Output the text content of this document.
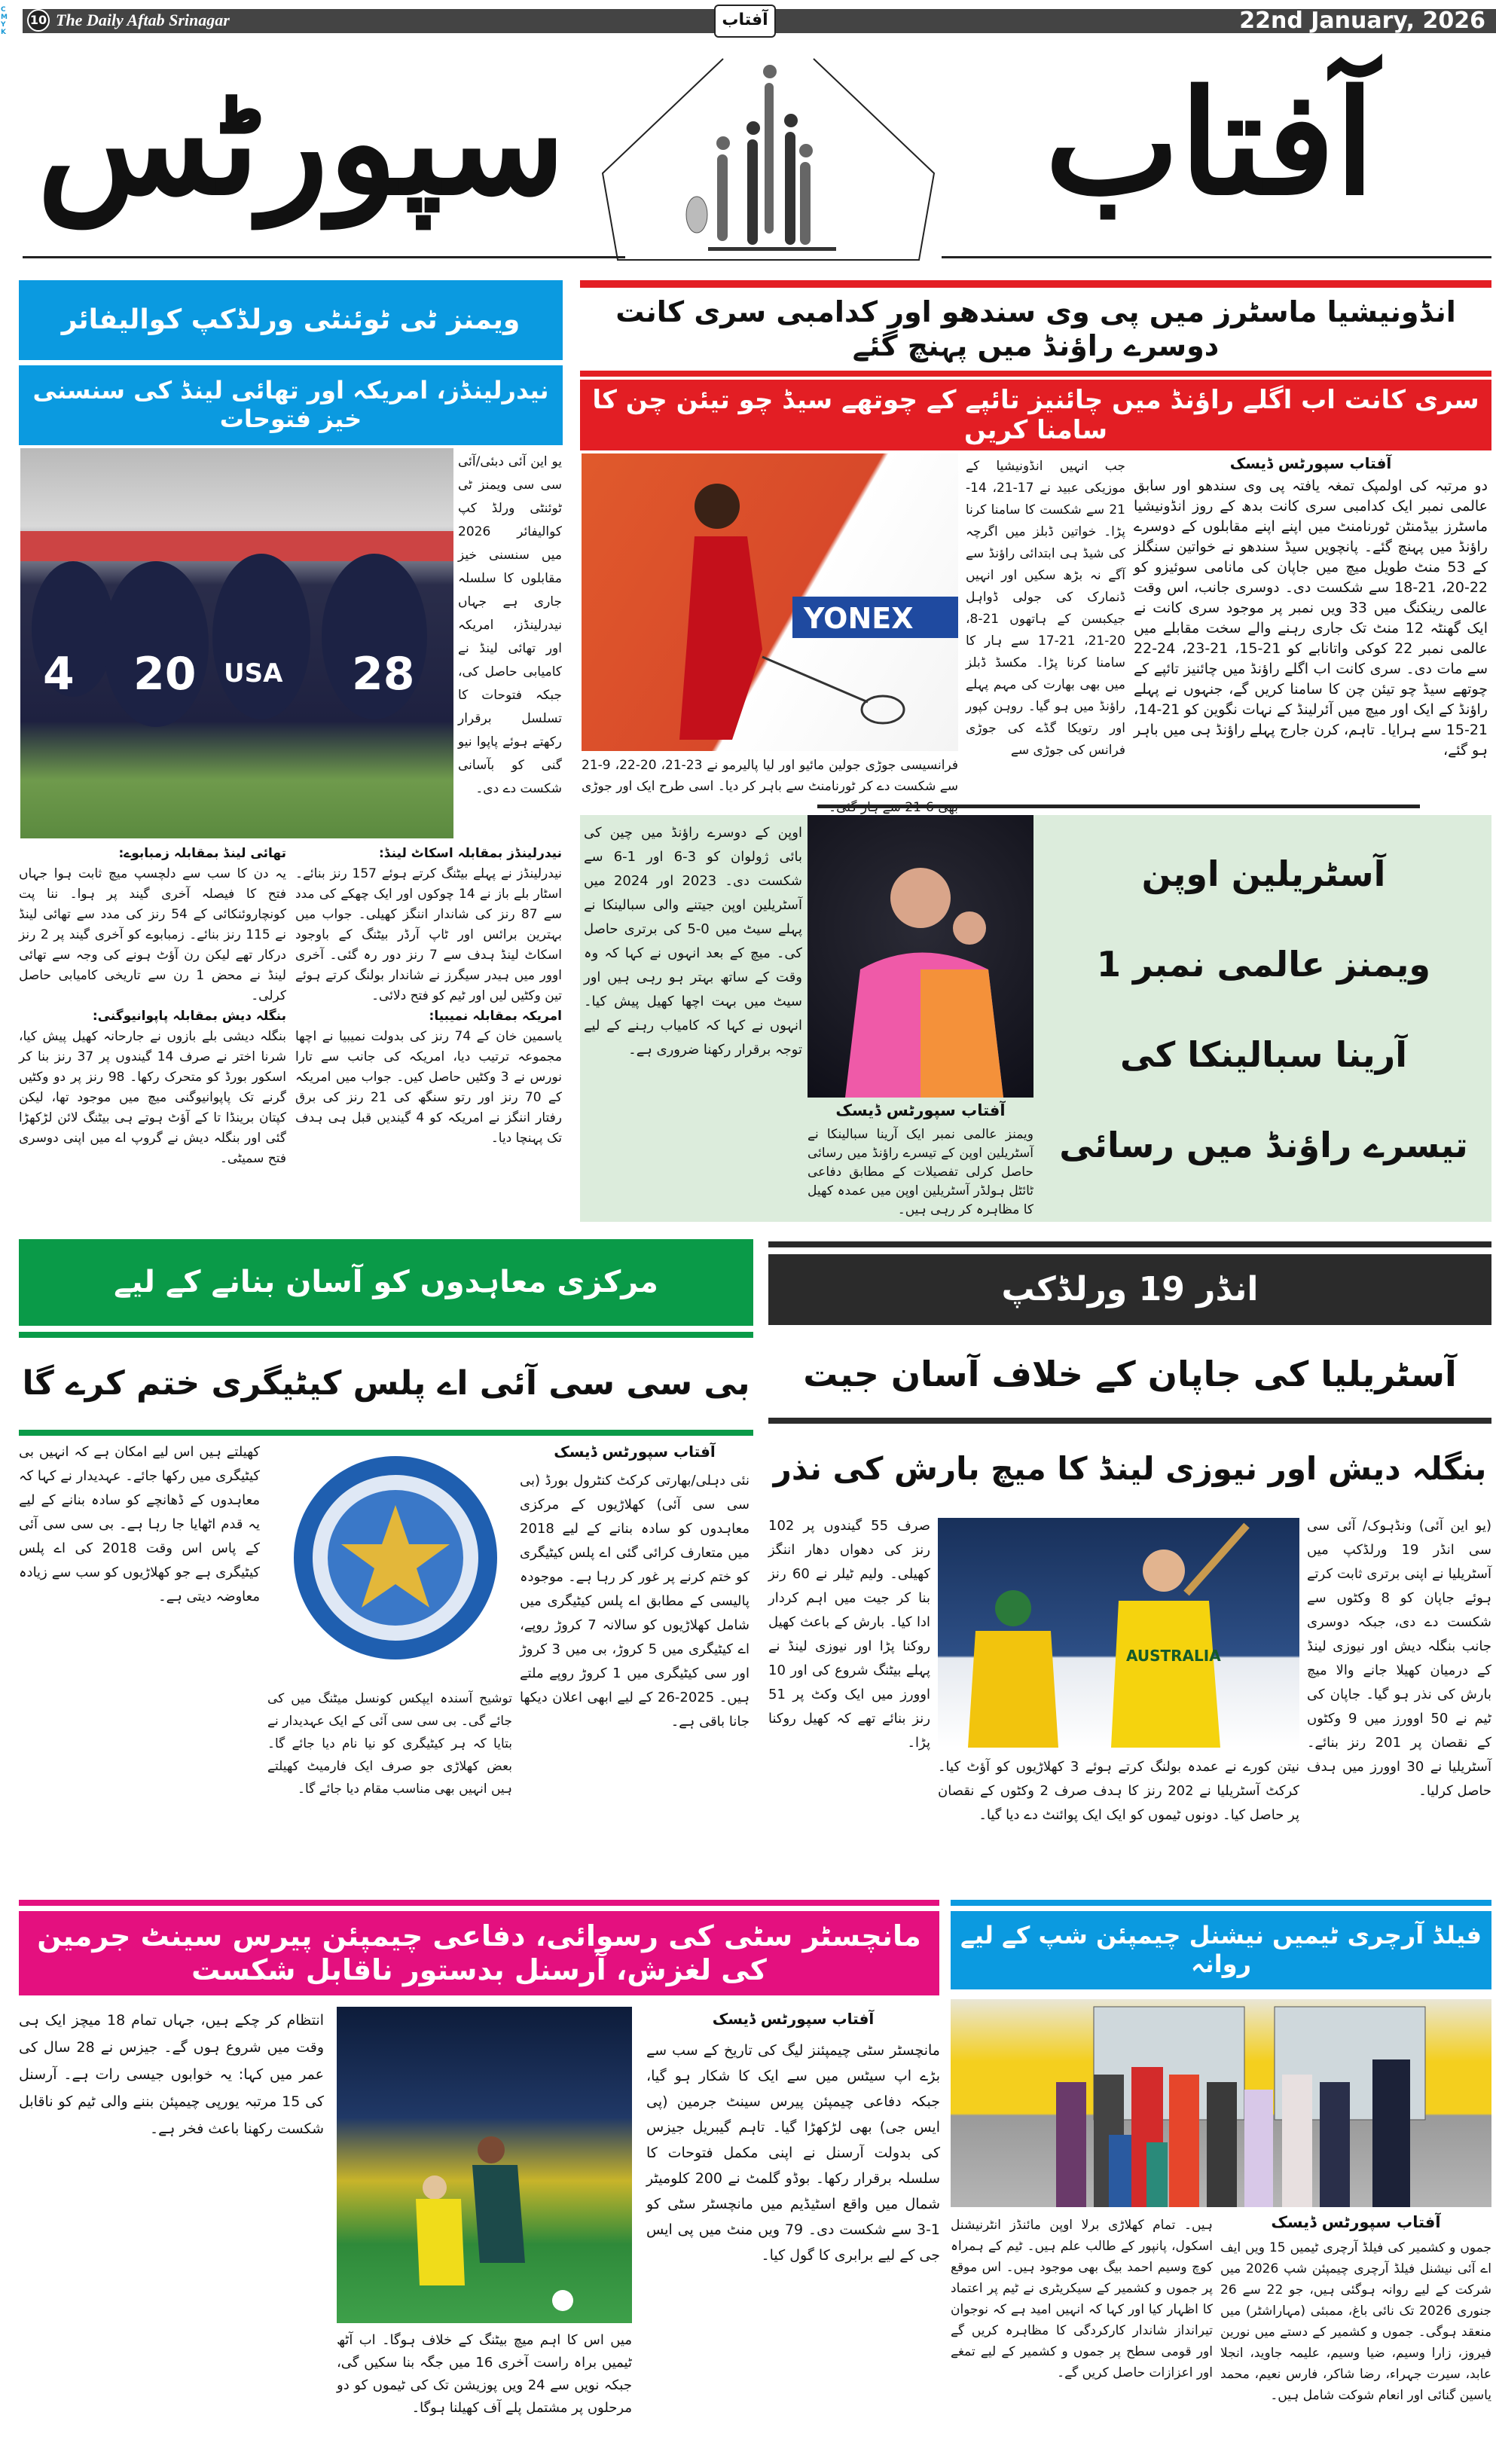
CMYK
10 The Daily Aftab Srinagar	آفتاب	22nd January, 2026
آفتاب
سپورٹس
ویمنز ٹی ٹوئنٹی ورلڈکپ کوالیفائر
نیدرلینڈز، امریکہ اور تھائی لینڈ کی سنسنی خیز فتوحات
4 20 USA 28
یو این آئی دبئی/آئی سی سی ویمنز ٹی ٹوئنٹی ورلڈ کپ کوالیفائر 2026 میں سنسنی خیز مقابلوں کا سلسلہ جاری ہے جہاں نیدرلینڈز، امریکہ اور تھائی لینڈ نے کامیابی حاصل کی، جبکہ فتوحات کا تسلسل برقرار رکھتے ہوئے پاپوا نیو گنی کو بآسانی شکست دے دی۔
نیدرلینڈز بمقابلہ اسکاٹ لینڈ:

نیدرلینڈز نے پہلے بیٹنگ کرتے ہوئے 157 رنز بنائے۔ اسٹار بلے باز نے 14 چوکوں اور ایک چھکے کی مدد سے 87 رنز کی شاندار اننگز کھیلی۔ جواب میں بہترین برائس اور ٹاپ آرڈر بیٹنگ کے باوجود اسکاٹ لینڈ ہدف سے 7 رنز دور رہ گئی۔ آخری اوور میں ہیدر سیگرز نے شاندار بولنگ کرتے ہوئے تین وکٹیں لیں اور ٹیم کو فتح دلائی۔

امریکہ بمقابلہ نمیبیا:

یاسمین خان کے 74 رنز کی بدولت نمیبیا نے اچھا مجموعہ ترتیب دیا، امریکہ کی جانب سے تارا نورس نے 3 وکٹیں حاصل کیں۔ جواب میں امریکہ کے 70 رنز اور رتو سنگھ کی 21 رنز کی برق رفتار اننگز نے امریکہ کو 4 گیندیں قبل ہی ہدف تک پہنچا دیا۔

تھائی لینڈ بمقابلہ زمبابوے:

یہ دن کا سب سے دلچسپ میچ ثابت ہوا جہاں فتح کا فیصلہ آخری گیند پر ہوا۔ ننا پت کونچاروئنکائی کے 54 رنز کی مدد سے تھائی لینڈ نے 115 رنز بنائے۔ زمبابوے کو آخری گیند پر 2 رنز درکار تھے لیکن رن آؤٹ ہونے کی وجہ سے تھائی لینڈ نے محض 1 رن سے تاریخی کامیابی حاصل کرلی۔

بنگلہ دیش بمقابلہ پاپوانیوگنی:

بنگلہ دیشی بلے بازوں نے جارحانہ کھیل پیش کیا، شرنا اختر نے صرف 14 گیندوں پر 37 رنز بنا کر اسکور بورڈ کو متحرک رکھا۔ 98 رنز پر دو وکٹیں گرنے تک پاپوانیوگنی میچ میں موجود تھا، لیکن کپتان برینڈا تا کے آؤٹ ہوتے ہی بیٹنگ لائن لڑکھڑا گئی اور بنگلہ دیش نے گروپ اے میں اپنی دوسری فتح سمیٹی۔

انڈونیشیا ماسٹرز میں پی وی سندھو اور کدامبی سری کانت دوسرے راؤنڈ میں پہنچ گئے
سری کانت اب اگلے راؤنڈ میں چائنیز تائپے کے چوتھے سیڈ چو تیئن چن کا سامنا کریں
YONEX
آفتاب سپورٹس ڈیسک
دو مرتبہ کی اولمپک تمغہ یافتہ پی وی سندھو اور سابق عالمی نمبر ایک کدامبی سری کانت بدھ کے روز انڈونیشیا ماسٹرز بیڈمنٹن ٹورنامنٹ میں اپنے اپنے مقابلوں کے دوسرے راؤنڈ میں پہنچ گئے۔ پانچویں سیڈ سندھو نے خواتین سنگلز کے 53 منٹ طویل میچ میں جاپان کی مانامی سوئیزو کو 22-20، 21-18 سے شکست دی۔ دوسری جانب، اس وقت عالمی رینکنگ میں 33 ویں نمبر پر موجود سری کانت نے ایک گھنٹہ 12 منٹ تک جاری رہنے والے سخت مقابلے میں عالمی نمبر 22 کوکی واتانابے کو 21-15، 21-23، 24-22 سے مات دی۔ سری کانت اب اگلے راؤنڈ میں چائنیز تائپے کے چوتھے سیڈ چو تیئن چن کا سامنا کریں گے، جنہوں نے پہلے راؤنڈ کے ایک اور میچ میں آئرلینڈ کے نہات نگوین کو 21-14، 21-15 سے ہرایا۔ تاہم، کرن جارج پہلے راؤنڈ ہی میں باہر ہو گئے،
جب انہیں انڈونیشیا کے موزیکی عبید نے 17-21، 14-21 سے شکست کا سامنا کرنا پڑا۔ خواتین ڈبلز میں اگرچہ کی شیڈ ہی ابتدائی راؤنڈ سے آگے نہ بڑھ سکیں اور انہیں ڈنمارک کی جولی ڈواہل جیکبسن کے ہاتھوں 21-8، 20-21، 21-17 سے ہار کا سامنا کرنا پڑا۔ مکسڈ ڈبلز میں بھی بھارت کی مہم پہلے راؤنڈ میں ہو گیا۔ روہن کپور اور رتویکا گڈے کی جوڑی فرانس کی جوڑی سے
فرانسیسی جوڑی جولین مائیو اور لیا پالیرمو نے 23-21، 20-22، 9-21 سے شکست دے کر ٹورنامنٹ سے باہر کر دیا۔ اسی طرح ایک اور جوڑی
آفتاب سپورٹس ڈیسک
ویمنز عالمی نمبر ایک آرینا سبالینکا نے آسٹریلین اوپن کے تیسرے راؤنڈ میں رسائی حاصل کرلی تفصیلات کے مطابق دفاعی ٹائٹل ہولڈر آسٹریلین اوپن میں عمدہ کھیل کا مظاہرہ کر رہی ہیں۔
اوپن کے دوسرے راؤنڈ میں چین کی بائی ژولوان کو 3-6 اور 1-6 سے شکست دی۔ 2023 اور 2024 میں آسٹریلین اوپن جیتنے والی سبالینکا نے پہلے سیٹ میں 0-5 کی برتری حاصل کی۔ میچ کے بعد انہوں نے کہا کہ وہ وقت کے ساتھ بہتر ہو رہی ہیں اور سیٹ میں بہت اچھا کھیل پیش کیا۔ انہوں نے کہا کہ کامیاب رہنے کے لیے توجہ برقرار رکھنا ضروری ہے۔
آسٹریلین اوپن
ویمنز عالمی نمبر 1
آرینا سبالینکا کی
تیسرے راؤنڈ میں رسائی
مرکزی معاہدوں کو آسان بنانے کے لیے
بی سی سی آئی اے پلس کیٹیگری ختم کرے گا
آفتاب سپورٹس ڈیسک
نئی دہلی/بھارتی کرکٹ کنٹرول بورڈ (بی سی سی آئی) کھلاڑیوں کے مرکزی معاہدوں کو سادہ بنانے کے لیے 2018 میں متعارف کرائی گئی اے پلس کیٹیگری کو ختم کرنے پر غور کر رہا ہے۔ موجودہ پالیسی کے مطابق اے پلس کیٹیگری میں شامل کھلاڑیوں کو سالانہ 7 کروڑ روپے، اے کیٹیگری میں 5 کروڑ، بی میں 3 کروڑ اور سی کیٹیگری میں 1 کروڑ روپے ملتے ہیں۔ 2025-26 کے لیے ابھی اعلان دیکھا جانا باقی ہے۔
توشیح آسندہ ایپکس کونسل میٹنگ میں کی جائے گی۔ بی سی سی آئی کے ایک عہدیدار نے بتایا کہ ہر کیٹیگری کو نیا نام دیا جائے گا۔ بعض کھلاڑی جو صرف ایک فارمیٹ کھیلتے ہیں انہیں بھی مناسب مقام دیا جائے گا۔
کھیلتے ہیں اس لیے امکان ہے کہ انہیں بی کیٹیگری میں رکھا جائے۔ عہدیدار نے کہا کہ معاہدوں کے ڈھانچے کو سادہ بنانے کے لیے یہ قدم اٹھایا جا رہا ہے۔ بی سی سی آئی کے پاس اس وقت 2018 کی اے پلس کیٹیگری ہے جو کھلاڑیوں کو سب سے زیادہ معاوضہ دیتی ہے۔
انڈر 19 ورلڈکپ
آسٹریلیا کی جاپان کے خلاف آسان جیت
بنگلہ دیش اور نیوزی لینڈ کا میچ بارش کی نذر
AUSTRALIA
(یو این آئی) ونڈہوک/ آئی سی سی انڈر 19 ورلڈکپ میں آسٹریلیا نے اپنی برتری ثابت کرتے ہوئے جاپان کو 8 وکٹوں سے شکست دے دی، جبکہ دوسری جانب بنگلہ دیش اور نیوزی لینڈ کے درمیان کھیلا جانے والا میچ بارش کی نذر ہو گیا۔ جاپان کی ٹیم نے 50 اوورز میں 9 وکٹوں کے نقصان پر 201 رنز بنائے۔ آسٹریلیا نے 30 اوورز میں ہدف حاصل کرلیا۔
صرف 55 گیندوں پر 102 رنز کی دھواں دھار اننگز کھیلی۔ ولیم ٹیلر نے 60 رنز بنا کر جیت میں اہم کردار ادا کیا۔ بارش کے باعث کھیل روکنا پڑا اور نیوزی لینڈ نے پہلے بیٹنگ شروع کی اور 10 اوورز میں ایک وکٹ پر 51 رنز بنائے تھے کہ کھیل روکنا پڑا۔
نیتن کورے نے عمدہ بولنگ کرتے ہوئے 3 کھلاڑیوں کو آؤٹ کیا۔ کرکٹ آسٹریلیا نے 202 رنز کا ہدف صرف 2 وکٹوں کے نقصان پر حاصل کیا۔ دونوں ٹیموں کو ایک ایک پوائنٹ دے دیا گیا۔
مانچسٹر سٹی کی رسوائی، دفاعی چیمپئن پیرس سینٹ جرمین کی لغزش، آرسنل بدستور ناقابل شکست
آفتاب سپورٹس ڈیسک
مانچسٹر سٹی چیمپئنز لیگ کی تاریخ کے سب سے بڑے اپ سیٹس میں سے ایک کا شکار ہو گیا، جبکہ دفاعی چیمپئن پیرس سینٹ جرمین (پی ایس جی) بھی لڑکھڑا گیا۔ تاہم گیبریل جیزس کی بدولت آرسنل نے اپنی مکمل فتوحات کا سلسلہ برقرار رکھا۔ بوڈو گلمٹ نے 200 کلومیٹر شمال میں واقع اسٹیڈیم میں مانچسٹر سٹی کو 1-3 سے شکست دی۔ 79 ویں منٹ میں پی ایس جی کے لیے برابری کا گول کیا۔
میں اس کا اہم میچ بیٹنگ کے خلاف ہوگا۔ اب آٹھ ٹیمیں براہ راست آخری 16 میں جگہ بنا سکیں گی، جبکہ نویں سے 24 ویں پوزیشن تک کی ٹیموں کو دو مرحلوں پر مشتمل پلے آف کھیلنا ہوگا۔
انتظام کر چکے ہیں، جہاں تمام 18 میچز ایک ہی وقت میں شروع ہوں گے۔ جیزس نے 28 سال کی عمر میں کہا: یہ خوابوں جیسی رات ہے۔ آرسنل کی 15 مرتبہ یورپی چیمپئن بننے والی ٹیم کو ناقابل شکست رکھنا باعث فخر ہے۔
فیلڈ آرچری ٹیمیں نیشنل چیمپئن شپ کے لیے روانہ
آفتاب سپورٹس ڈیسک
جموں و کشمیر کی فیلڈ آرچری ٹیمیں 15 ویں ایف اے آئی نیشنل فیلڈ آرچری چیمپئن شپ 2026 میں شرکت کے لیے روانہ ہوگئی ہیں، جو 22 سے 26 جنوری 2026 تک نائی باغ، ممبئی (مہاراشٹر) میں منعقد ہوگی۔ جموں و کشمیر کے دستے میں نورین فیروز، زارا وسیم، ضیا وسیم، علیمہ جاوید، انجلا عابد، سیرت جہراء، رضا شاکر، فارس نعیم، محمد یاسین گنائی اور انعام شوکت شامل ہیں۔
ہیں۔ تمام کھلاڑی برلا اوپن مائنڈز انٹرنیشنل اسکول، پانپور کے طالب علم ہیں۔ ٹیم کے ہمراہ کوچ وسیم احمد بیگ بھی موجود ہیں۔ اس موقع پر جموں و کشمیر کے سیکریٹری نے ٹیم پر اعتماد کا اظہار کیا اور کہا کہ انہیں امید ہے کہ نوجوان تیرانداز شاندار کارکردگی کا مظاہرہ کریں گے اور قومی سطح پر جموں و کشمیر کے لیے تمغے اور اعزازات حاصل کریں گے۔
